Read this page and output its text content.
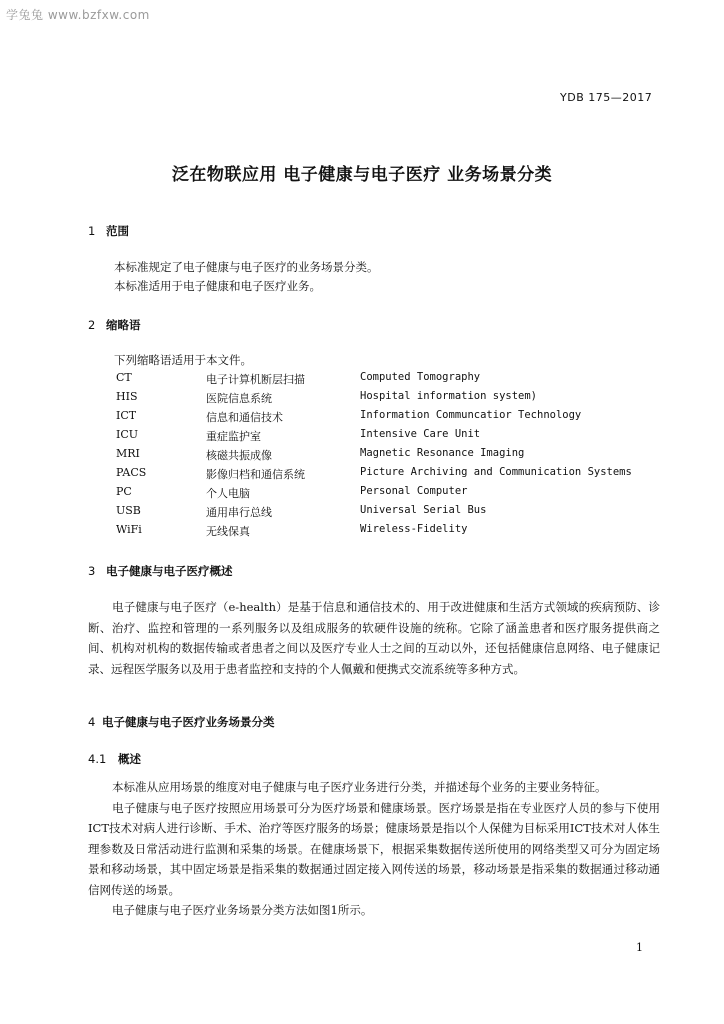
学兔兔 www.bzfxw.com
YDB 175—2017
泛在物联应用 电子健康与电子医疗 业务场景分类
1 范围
本标准规定了电子健康与电子医疗的业务场景分类。
本标准适用于电子健康和电子医疗业务。
2 缩略语
下列缩略语适用于本文件。
CT	电子计算机断层扫描	Computed Tomography
HIS	医院信息系统	Hospital information system)
ICT	信息和通信技术	Information Communcatior Technology
ICU	重症监护室	Intensive Care Unit
MRI	核磁共振成像	Magnetic Resonance Imaging
PACS	影像归档和通信系统	Picture Archiving and Communication Systems
PC	个人电脑	Personal Computer
USB	通用串行总线	Universal Serial Bus
WiFi	无线保真	Wireless-Fidelity
3 电子健康与电子医疗概述
电子健康与电子医疗（e-health）是基于信息和通信技术的、用于改进健康和生活方式领域的疾病预防、诊断、治疗、监控和管理的一系列服务以及组成服务的软硬件设施的统称。它除了涵盖患者和医疗服务提供商之间、机构对机构的数据传输或者患者之间以及医疗专业人士之间的互动以外，还包括健康信息网络、电子健康记录、远程医学服务以及用于患者监控和支持的个人佩戴和便携式交流系统等多种方式。
4 电子健康与电子医疗业务场景分类
4.1 概述
本标准从应用场景的维度对电子健康与电子医疗业务进行分类，并描述每个业务的主要业务特征。
电子健康与电子医疗按照应用场景可分为医疗场景和健康场景。医疗场景是指在专业医疗人员的参与下使用ICT技术对病人进行诊断、手术、治疗等医疗服务的场景；健康场景是指以个人保健为目标采用ICT技术对人体生理参数及日常活动进行监测和采集的场景。在健康场景下，根据采集数据传送所使用的网络类型又可分为固定场景和移动场景，其中固定场景是指采集的数据通过固定接入网传送的场景，移动场景是指采集的数据通过移动通信网传送的场景。
电子健康与电子医疗业务场景分类方法如图1所示。
1
